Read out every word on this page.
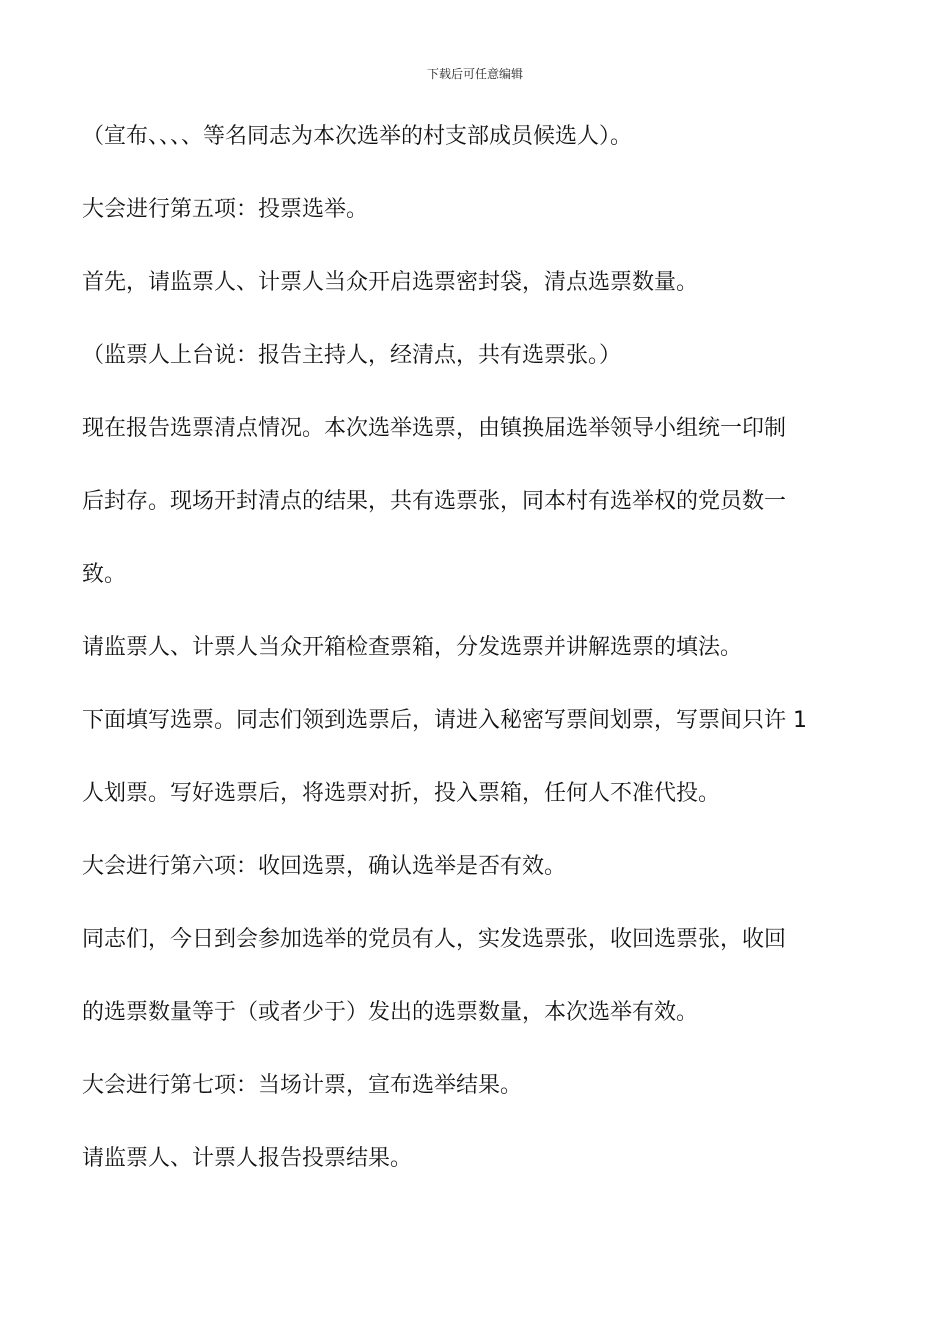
下载后可任意编辑

（宣布、、、、等名同志为本次选举的村支部成员候选人）。

大会进行第五项：投票选举。

首先，请监票人、计票人当众开启选票密封袋，清点选票数量。

（监票人上台说：报告主持人，经清点，共有选票张。）

现在报告选票清点情况。本次选举选票，由镇换届选举领导小组统一印制
后封存。现场开封清点的结果，共有选票张，同本村有选举权的党员数一
致。

请监票人、计票人当众开箱检查票箱，分发选票并讲解选票的填法。

下面填写选票。同志们领到选票后，请进入秘密写票间划票，写票间只许 1
人划票。写好选票后，将选票对折，投入票箱，任何人不准代投。

大会进行第六项：收回选票，确认选举是否有效。

同志们，今日到会参加选举的党员有人，实发选票张，收回选票张，收回
的选票数量等于（或者少于）发出的选票数量，本次选举有效。

大会进行第七项：当场计票，宣布选举结果。

请监票人、计票人报告投票结果。
